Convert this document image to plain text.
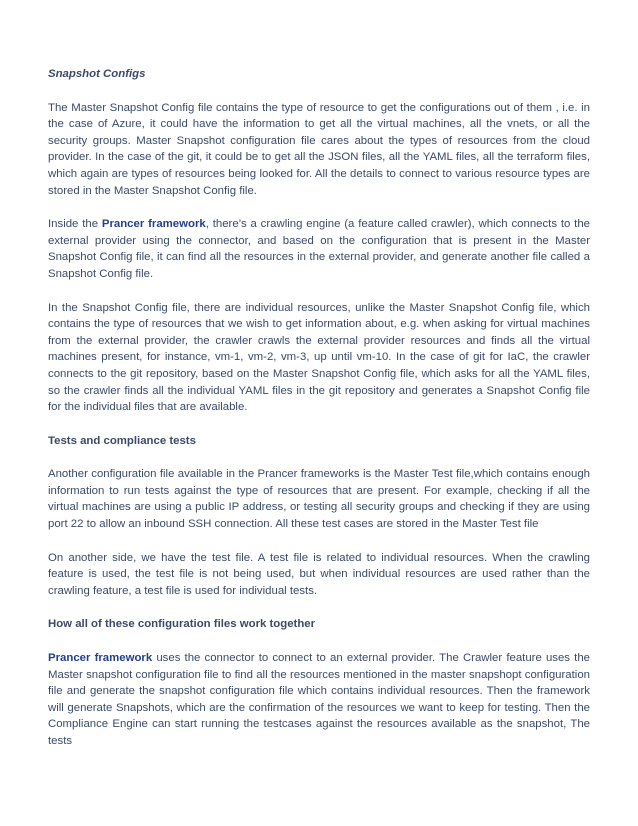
Snapshot Configs

The Master Snapshot Config file contains the type of resource to get the configurations out of them , i.e. in the case of Azure, it could have the information to get all the virtual machines, all the vnets, or all the security groups. Master Snapshot configuration file cares about the types of resources from the cloud provider. In the case of the git, it could be to get all the JSON files, all the YAML files, all the terraform files, which again are types of resources being looked for. All the details to connect to various resource types are stored in the Master Snapshot Config file.

Inside the Prancer framework, there’s a crawling engine (a feature called crawler), which connects to the external provider using the connector, and based on the configuration that is present in the Master Snapshot Config file, it can find all the resources in the external provider, and generate another file called a Snapshot Config file.

In the Snapshot Config file, there are individual resources, unlike the Master Snapshot Config file, which contains the type of resources that we wish to get information about, e.g. when asking for virtual machines from the external provider, the crawler crawls the external provider resources and finds all the virtual machines present, for instance, vm-1, vm-2, vm-3, up until vm-10. In the case of git for IaC, the crawler connects to the git repository, based on the Master Snapshot Config file, which asks for all the YAML files, so the crawler finds all the individual YAML files in the git repository and generates a Snapshot Config file for the individual files that are available.

Tests and compliance tests

Another configuration file available in the Prancer frameworks is the Master Test file,which contains enough information to run tests against the type of resources that are present. For example, checking if all the virtual machines are using a public IP address, or testing all security groups and checking if they are using port 22 to allow an inbound SSH connection. All these test cases are stored in the Master Test file

On another side, we have the test file. A test file is related to individual resources. When the crawling feature is used, the test file is not being used, but when individual resources are used rather than the crawling feature, a test file is used for individual tests.

How all of these configuration files work together

Prancer framework uses the connector to connect to an external provider. The Crawler feature uses the Master snapshot configuration file to find all the resources mentioned in the master snapshopt configuration file and generate the snapshot configuration file which contains individual resources. Then the framework will generate Snapshots, which are the confirmation of the resources we want to keep for testing. Then the Compliance Engine can start running the testcases against the resources available as the snapshot, The tests
